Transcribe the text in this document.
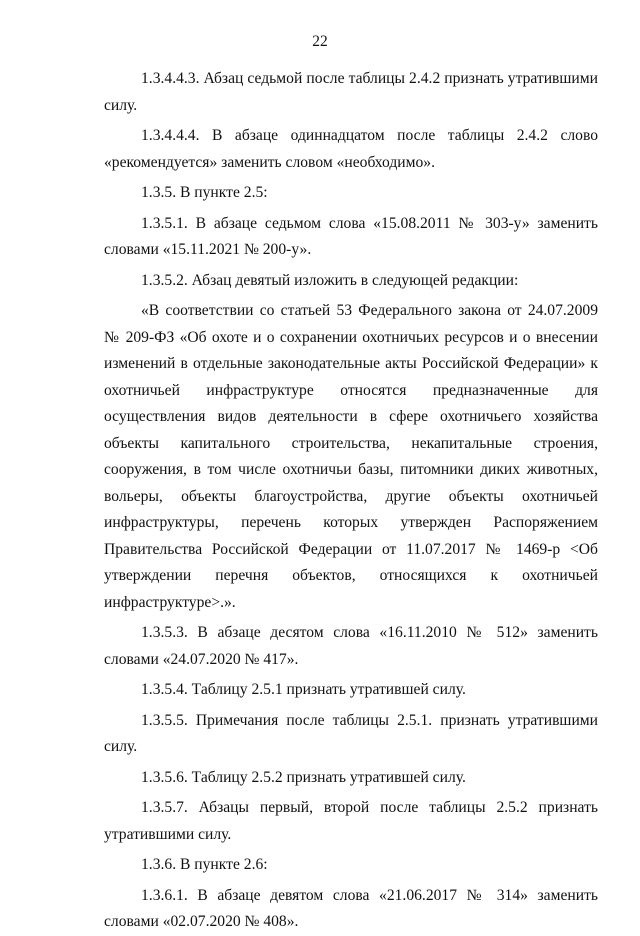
22

1.3.4.4.3. Абзац седьмой после таблицы 2.4.2 признать утратившими силу.

1.3.4.4.4. В абзаце одиннадцатом после таблицы 2.4.2 слово «рекомендуется» заменить словом «необходимо».

1.3.5. В пункте 2.5:

1.3.5.1. В абзаце седьмом слова «15.08.2011 № 303-у» заменить словами «15.11.2021 № 200-у».

1.3.5.2. Абзац девятый изложить в следующей редакции:

«В соответствии со статьей 53 Федерального закона от 24.07.2009 № 209-ФЗ «Об охоте и о сохранении охотничьих ресурсов и о внесении изменений в отдельные законодательные акты Российской Федерации» к охотничьей инфраструктуре относятся предназначенные для осуществления видов деятельности в сфере охотничьего хозяйства объекты капитального строительства, некапитальные строения, сооружения, в том числе охотничьи базы, питомники диких животных, вольеры, объекты благоустройства, другие объекты охотничьей инфраструктуры, перечень которых утвержден Распоряжением Правительства Российской Федерации от 11.07.2017 № 1469-р <Об утверждении перечня объектов, относящихся к охотничьей инфраструктуре>.».

1.3.5.3. В абзаце десятом слова «16.11.2010 № 512» заменить словами «24.07.2020 № 417».

1.3.5.4. Таблицу 2.5.1 признать утратившей силу.

1.3.5.5. Примечания после таблицы 2.5.1. признать утратившими силу.

1.3.5.6. Таблицу 2.5.2 признать утратившей силу.

1.3.5.7. Абзацы первый, второй после таблицы 2.5.2 признать утратившими силу.

1.3.6. В пункте 2.6:

1.3.6.1. В абзаце девятом слова «21.06.2017 № 314» заменить словами «02.07.2020 № 408».
